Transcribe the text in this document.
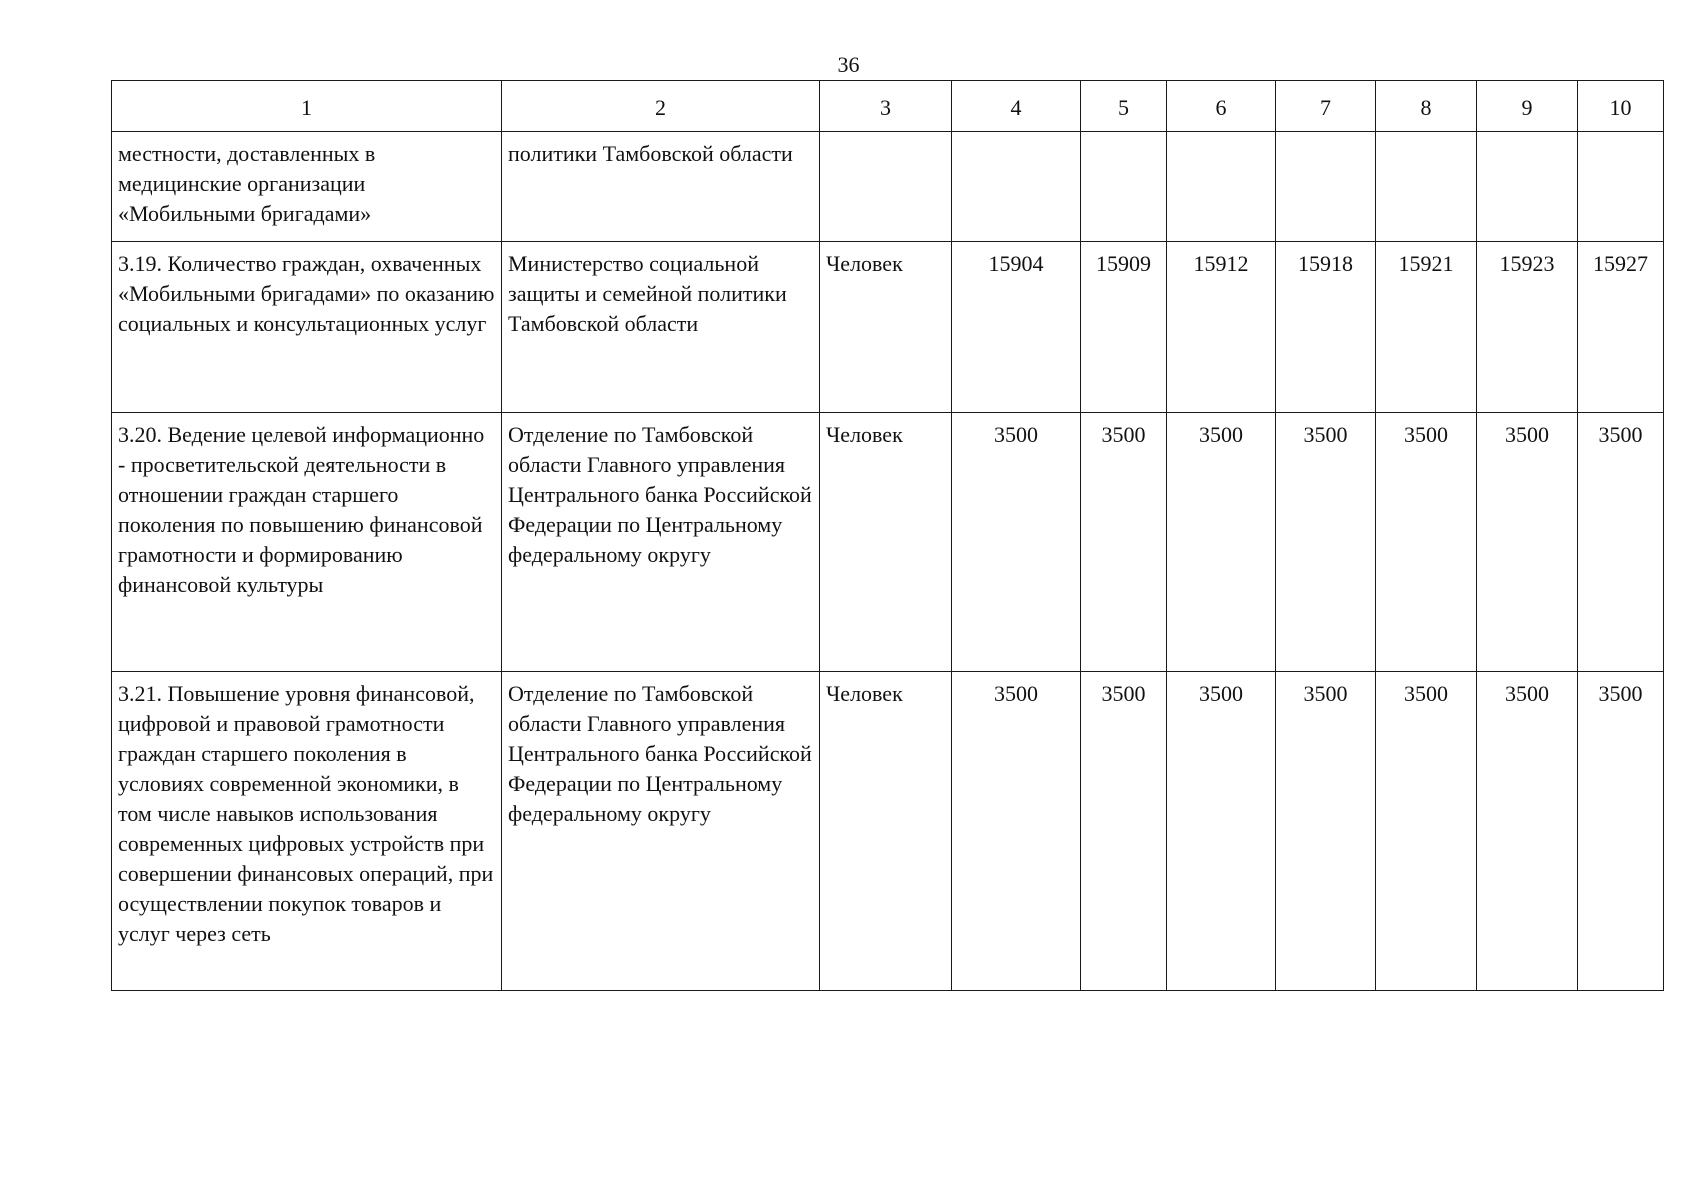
36
1	2	3	4	5	6	7	8	9	10
местности, доставленных в медицинские организации «Мобильными бригадами»	политики Тамбовской области								
3.19. Количество граждан, охваченных «Мобильными бригадами» по оказанию социальных и консультационных услуг	Министерство социальной защиты и семейной политики Тамбовской области	Человек	15904	15909	15912	15918	15921	15923	15927
3.20. Ведение целевой информационно - просветительской деятельности в отношении граждан старшего поколения по повышению финансовой грамотности и формированию финансовой культуры	Отделение по Тамбовской области Главного управления Центрального банка Российской Федерации по Центральному федеральному округу	Человек	3500	3500	3500	3500	3500	3500	3500
3.21. Повышение уровня финансовой, цифровой и правовой грамотности граждан старшего поколения в условиях современной экономики, в том числе навыков использования современных цифровых устройств при совершении финансовых операций, при осуществлении покупок товаров и услуг через сеть	Отделение по Тамбовской области Главного управления Центрального банка Российской Федерации по Центральному федеральному округу	Человек	3500	3500	3500	3500	3500	3500	3500
